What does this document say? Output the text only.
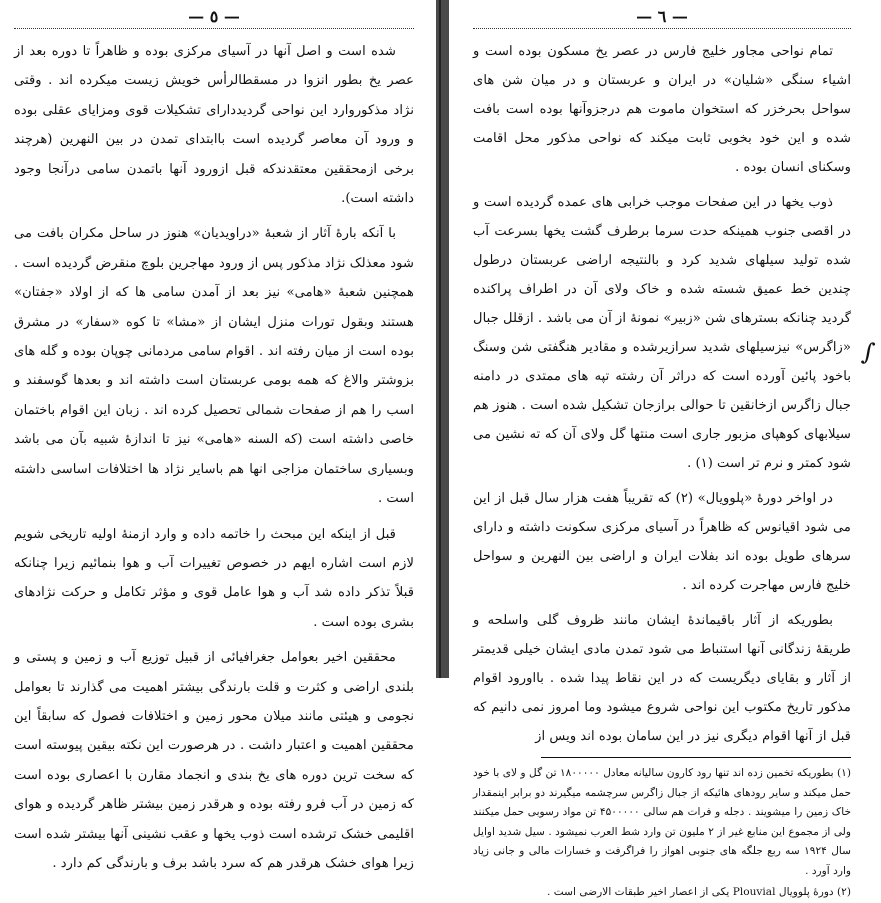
— ٥ —

شده است و اصل آنها در آسیای مرکزی بوده و ظاهراً تا دوره بعد از عصر یخ بطور انزوا در مسقطالرأس خویش زیست میکرده اند . وقتی نژاد مذکوروارد این نواحی گردیدداراى تشکیلات قوى ومزایای عقلى بوده و ورود آن معاصر گردیده است باابتدای تمدن در بین النهرین (هرچند برخی ازمحققین معتقدندکه قبل ازورود آنها باتمدن سامی درآنجا وجود داشته است).

با آنکه بارهٔ آثار از شعبهٔ «دراویدیان» هنوز در ساحل مکران بافت می شود معذلک نژاد مذکور پس از ورود مهاجرین بلوچ منقرض گردیده است . همچنین شعبهٔ «هامی» نیز بعد از آمدن سامی ها که از اولاد «جفتان» هستند وبقول تورات منزل ایشان از «مشا» تا کوه «سفار» در مشرق بوده است از میان رفته اند . اقوام سامی مردمانی چوپان بوده و گله های بزوشتر والاغ که همه بومی عربستان است داشته اند و بعدها گوسفند و اسب را هم از صفحات شمالی تحصیل کرده اند . زبان این اقوام باختمان خاصی داشته است (که السنه «هامی» نیز تا اندازهٔ شبیه بآن می باشد وبسیاری ساختمان مزاجی انها هم باسایر نژاد ها اختلافات اساسی داشته است .

قبل از اینکه این مبحث را خاتمه داده و وارد ازمنهٔ اولیه تاریخی شویم لازم است اشاره ایهم در خصوص تغییرات آب و هوا بنمائیم زیرا چنانکه قبلاً تذکر داده شد آب و هوا عامل قوی و مؤثر تکامل و حرکت نژادهای بشری بوده است .

محققین اخیر بعوامل جغرافیائی از قبیل توزیع آب و زمین و پستی و بلندی اراضی و کثرت و قلت بارندگی بیشتر اهمیت می گذارند تا بعوامل نجومی و هیئتی مانند میلان محور زمین و اختلافات فصول که سابقاً این محققین اهمیت و اعتبار داشت . در هرصورت این نکته بیقین پیوسته است که سخت ترین دوره های یخ بندی و انجماد مقارن با اعصاری بوده است که زمین در آب فرو رفته بوده و هرقدر زمین بیشتر ظاهر گردیده و هوای اقلیمی خشک ترشده است ذوب یخها و عقب نشینی آنها بیشتر شده است زیرا هوای خشک هرقدر هم که سرد باشد برف و بارندگی کم دارد .

— ٦ —

تمام نواحی مجاور خلیج فارس در عصر یخ مسکون بوده است و اشیاء سنگی «شلیان» در ایران و عربستان و در میان شن های سواحل بحرخزر که استخوان ماموت هم درجزوآنها بوده است بافت شده و این خود بخوبی ثابت میکند که نواحی مذکور محل اقامت وسکنای انسان بوده .

ذوب یخها در این صفحات موجب خرابی های عمده گردیده است و در اقصی جنوب همینکه حدت سرما برطرف گشت یخها بسرعت آب شده تولید سیلهای شدید کرد و بالنتیجه اراضی عربستان درطول چندین خط عمیق شسته شده و خاک ولای آن در اطراف پراکنده گردید چنانکه بسترهای شن «زبیر» نمونهٔ از آن می باشد . ازقلل جبال «زاگرس» نیزسیلهای شدید سرازیرشده و مقادیر هنگفتی شن وسنگ باخود پائین آورده است که دراثر آن رشته تپه های ممتدی در دامنه جبال زاگرس ازخانقین تا حوالی برازجان تشکیل شده است . هنوز هم سیلابهای کوهپای مزبور جاری است منتها گل ولای آن که ته نشین می شود کمتر و نرم تر است (۱) .

در اواخر دورهٔ «پلوویال» (۲) که تقریباً هفت هزار سال قبل از این می شود اقیانوس که ظاهراً در آسیای مرکزی سکونت داشته و دارای سرهای طویل بوده اند بفلات ایران و اراضی بین النهرین و سواحل خلیج فارس مهاجرت کرده اند .

بطوریکه از آثار باقیماندهٔ ایشان مانند ظروف گلی واسلحه و طریقهٔ زندگانی آنها استنباط می شود تمدن مادی ایشان خیلی قدیمتر از آثار و بقایای دیگریست که در این نقاط پیدا شده . بااورود اقوام مذکور تاریخ مکتوب این نواحی شروع میشود وما امروز نمی دانیم که قبل از آنها اقوام دیگری نیز در این سامان بوده اند ویس از

(۱) بطوریکه تخمین زده اند تنها رود کارون سالیانه معادل ۱۸۰۰۰۰۰ تن گل و لای با خود حمل میکند و سایر رودهای هائیکه از جبال زاگرس سرچشمه میگیرند دو برابر اینمقدار خاک زمین را میشویند . دجله و فرات هم سالی ۴۵۰۰۰۰۰ تن مواد رسوبی حمل میکنند ولی از مجموع این منابع غیر از ۲ ملیون تن وارد شط العرب نمیشود . سیل شدید اوایل سال ۱۹۲۴ سه ربع جلگه های جنوبی اهواز را فراگرفت و خسارات مالی و جانی زیاد وارد آورد .

(۲) دورهٔ پلوویال Plouvial یکی از اعصار اخیر طبقات الارضی است .

∫
